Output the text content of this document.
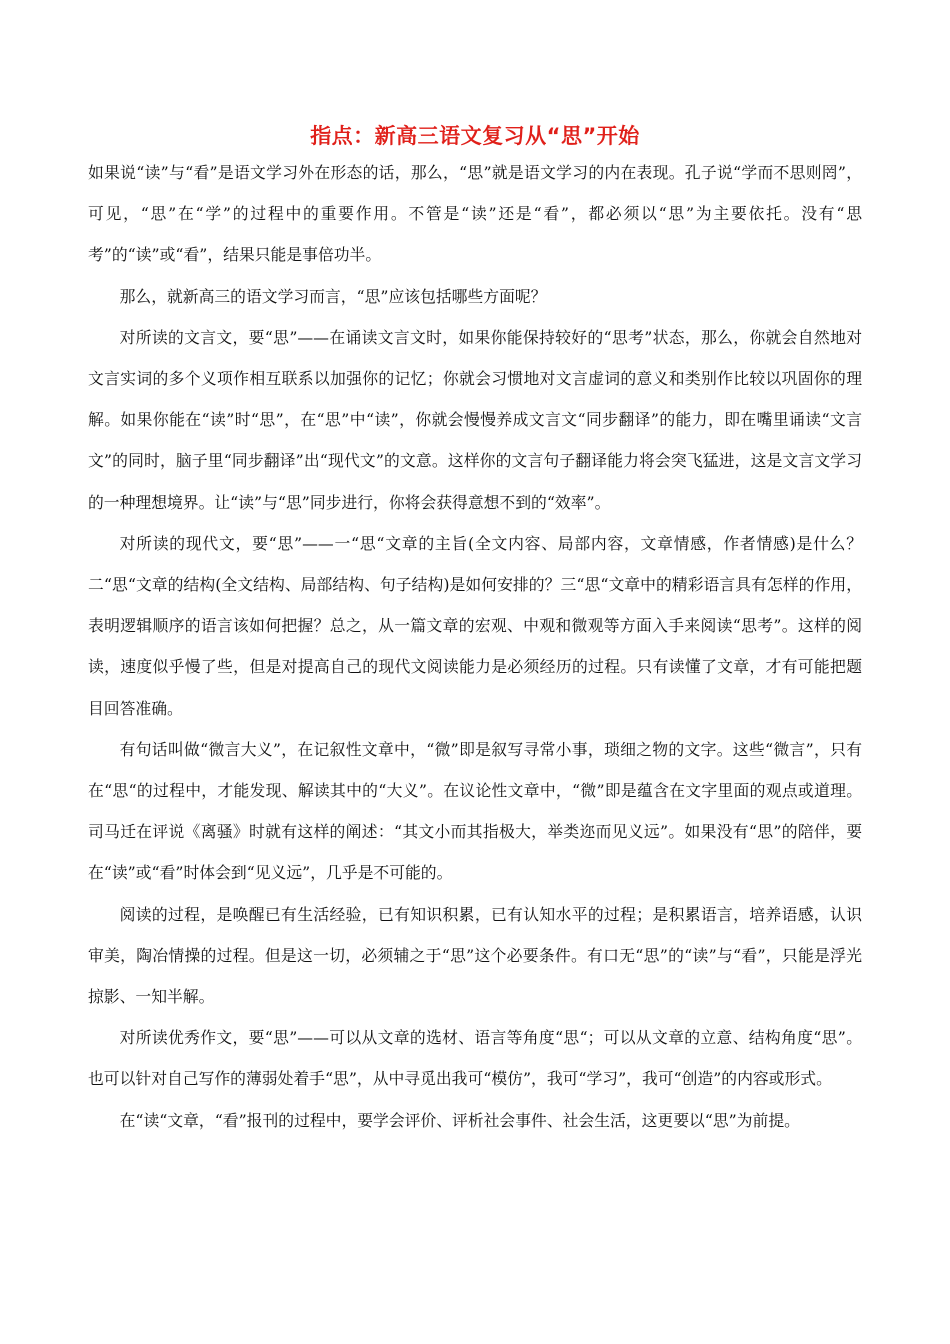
指点：新高三语文复习从“思”开始

如果说“读”与“看”是语文学习外在形态的话，那么，“思”就是语文学习的内在表现。孔子说“学而不思则罔”，可见，“思”在“学”的过程中的重要作用。不管是“读”还是“看”，都必须以“思”为主要依托。没有“思考”的“读”或“看”，结果只能是事倍功半。

那么，就新高三的语文学习而言，“思”应该包括哪些方面呢？

对所读的文言文，要“思”——在诵读文言文时，如果你能保持较好的“思考”状态，那么，你就会自然地对文言实词的多个义项作相互联系以加强你的记忆；你就会习惯地对文言虚词的意义和类别作比较以巩固你的理解。如果你能在“读”时“思”，在“思”中“读”，你就会慢慢养成文言文“同步翻译”的能力，即在嘴里诵读“文言文”的同时，脑子里“同步翻译”出“现代文”的文意。这样你的文言句子翻译能力将会突飞猛进，这是文言文学习的一种理想境界。让“读”与“思”同步进行，你将会获得意想不到的“效率”。

对所读的现代文，要“思”——一“思“文章的主旨(全文内容、局部内容，文章情感，作者情感)是什么？二“思“文章的结构(全文结构、局部结构、句子结构)是如何安排的？三“思“文章中的精彩语言具有怎样的作用，表明逻辑顺序的语言该如何把握？总之，从一篇文章的宏观、中观和微观等方面入手来阅读“思考”。这样的阅读，速度似乎慢了些，但是对提高自己的现代文阅读能力是必须经历的过程。只有读懂了文章，才有可能把题目回答准确。

有句话叫做“微言大义”，在记叙性文章中，“微”即是叙写寻常小事，琐细之物的文字。这些“微言”，只有在“思“的过程中，才能发现、解读其中的“大义”。在议论性文章中，“微”即是蕴含在文字里面的观点或道理。司马迁在评说《离骚》时就有这样的阐述：“其文小而其指极大，举类迩而见义远”。如果没有“思”的陪伴，要在“读”或“看”时体会到“见义远”，几乎是不可能的。

阅读的过程，是唤醒已有生活经验，已有知识积累，已有认知水平的过程；是积累语言，培养语感，认识审美，陶冶情操的过程。但是这一切，必须辅之于“思”这个必要条件。有口无“思”的“读”与“看”，只能是浮光掠影、一知半解。

对所读优秀作文，要“思”——可以从文章的选材、语言等角度“思“；可以从文章的立意、结构角度“思”。也可以针对自己写作的薄弱处着手“思”，从中寻觅出我可“模仿”，我可“学习”，我可“创造”的内容或形式。

在“读“文章，“看”报刊的过程中，要学会评价、评析社会事件、社会生活，这更要以“思”为前提。
